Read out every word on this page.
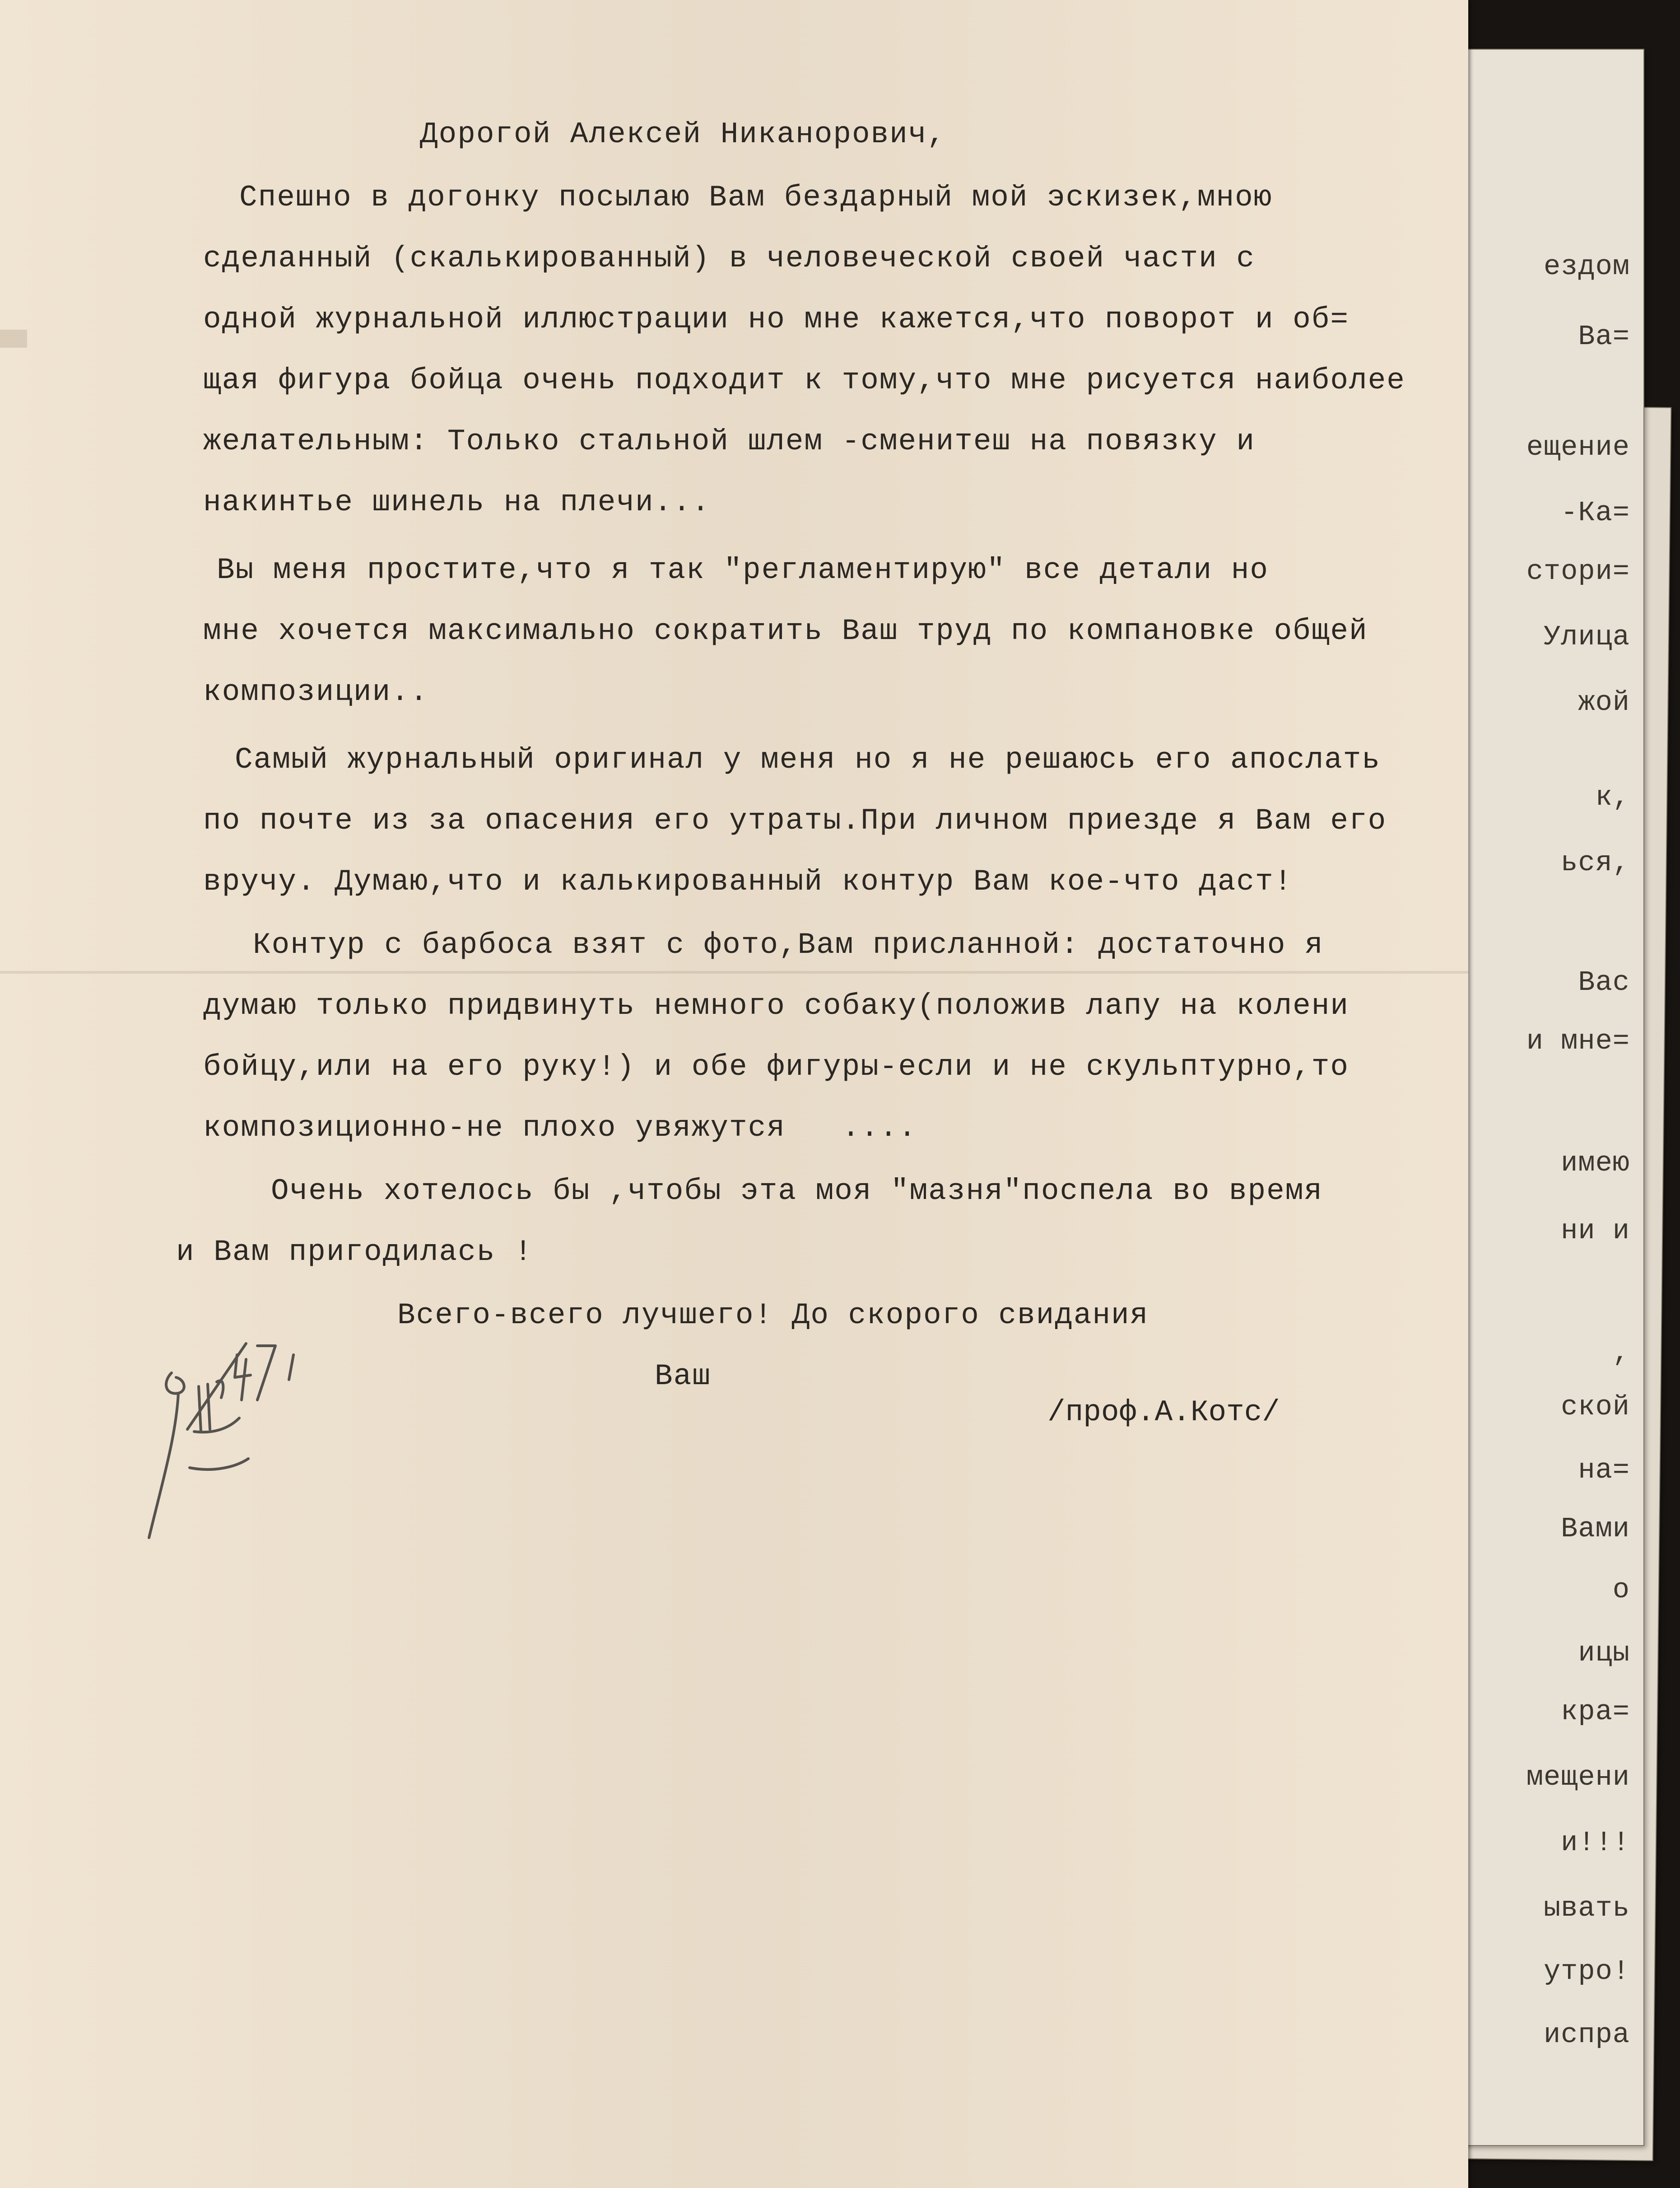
ездом
Ва=
ещение
-Ка=
стори=
Улица
жой
к,
ься,
Вас
и мне=
имею
ни и
,
ской
на=
Вами
о
ицы
кра=
мещени
и!!!
ывать
утро!
испра
Дорогой Алексей Никанорович,
Спешно в догонку посылаю Вам бездарный мой эскизек,мною
сделанный (скалькированный) в человеческой своей части с
одной журнальной иллюстрации но мне кажется,что поворот и об=
щая фигура бойца очень подходит к тому,что мне рисуется наиболее
желательным: Только стальной шлем -сменитеш на повязку и
накинтье шинель на плечи...
Вы меня простите,что я так "регламентирую" все детали но
мне хочется максимально сократить Ваш труд по компановке общей
композиции..
Самый журнальный оригинал у меня но я не решаюсь его апослать
по почте из за опасения его утраты.При личном приезде я Вам его
вручу. Думаю,что и калькированный контур Вам кое-что даст!
Контур с барбоса взят с фото,Вам присланной: достаточно я
думаю только придвинуть немного собаку(положив лапу на колени
бойцу,или на его руку!) и обе фигуры-если и не скульптурно,то
композиционно-не плохо увяжутся   ....
Очень хотелось бы ,чтобы эта моя "мазня"поспела во время
и Вам пригодилась !
Всего-всего лучшего! До скорого свидания
Ваш
/проф.А.Котс/
